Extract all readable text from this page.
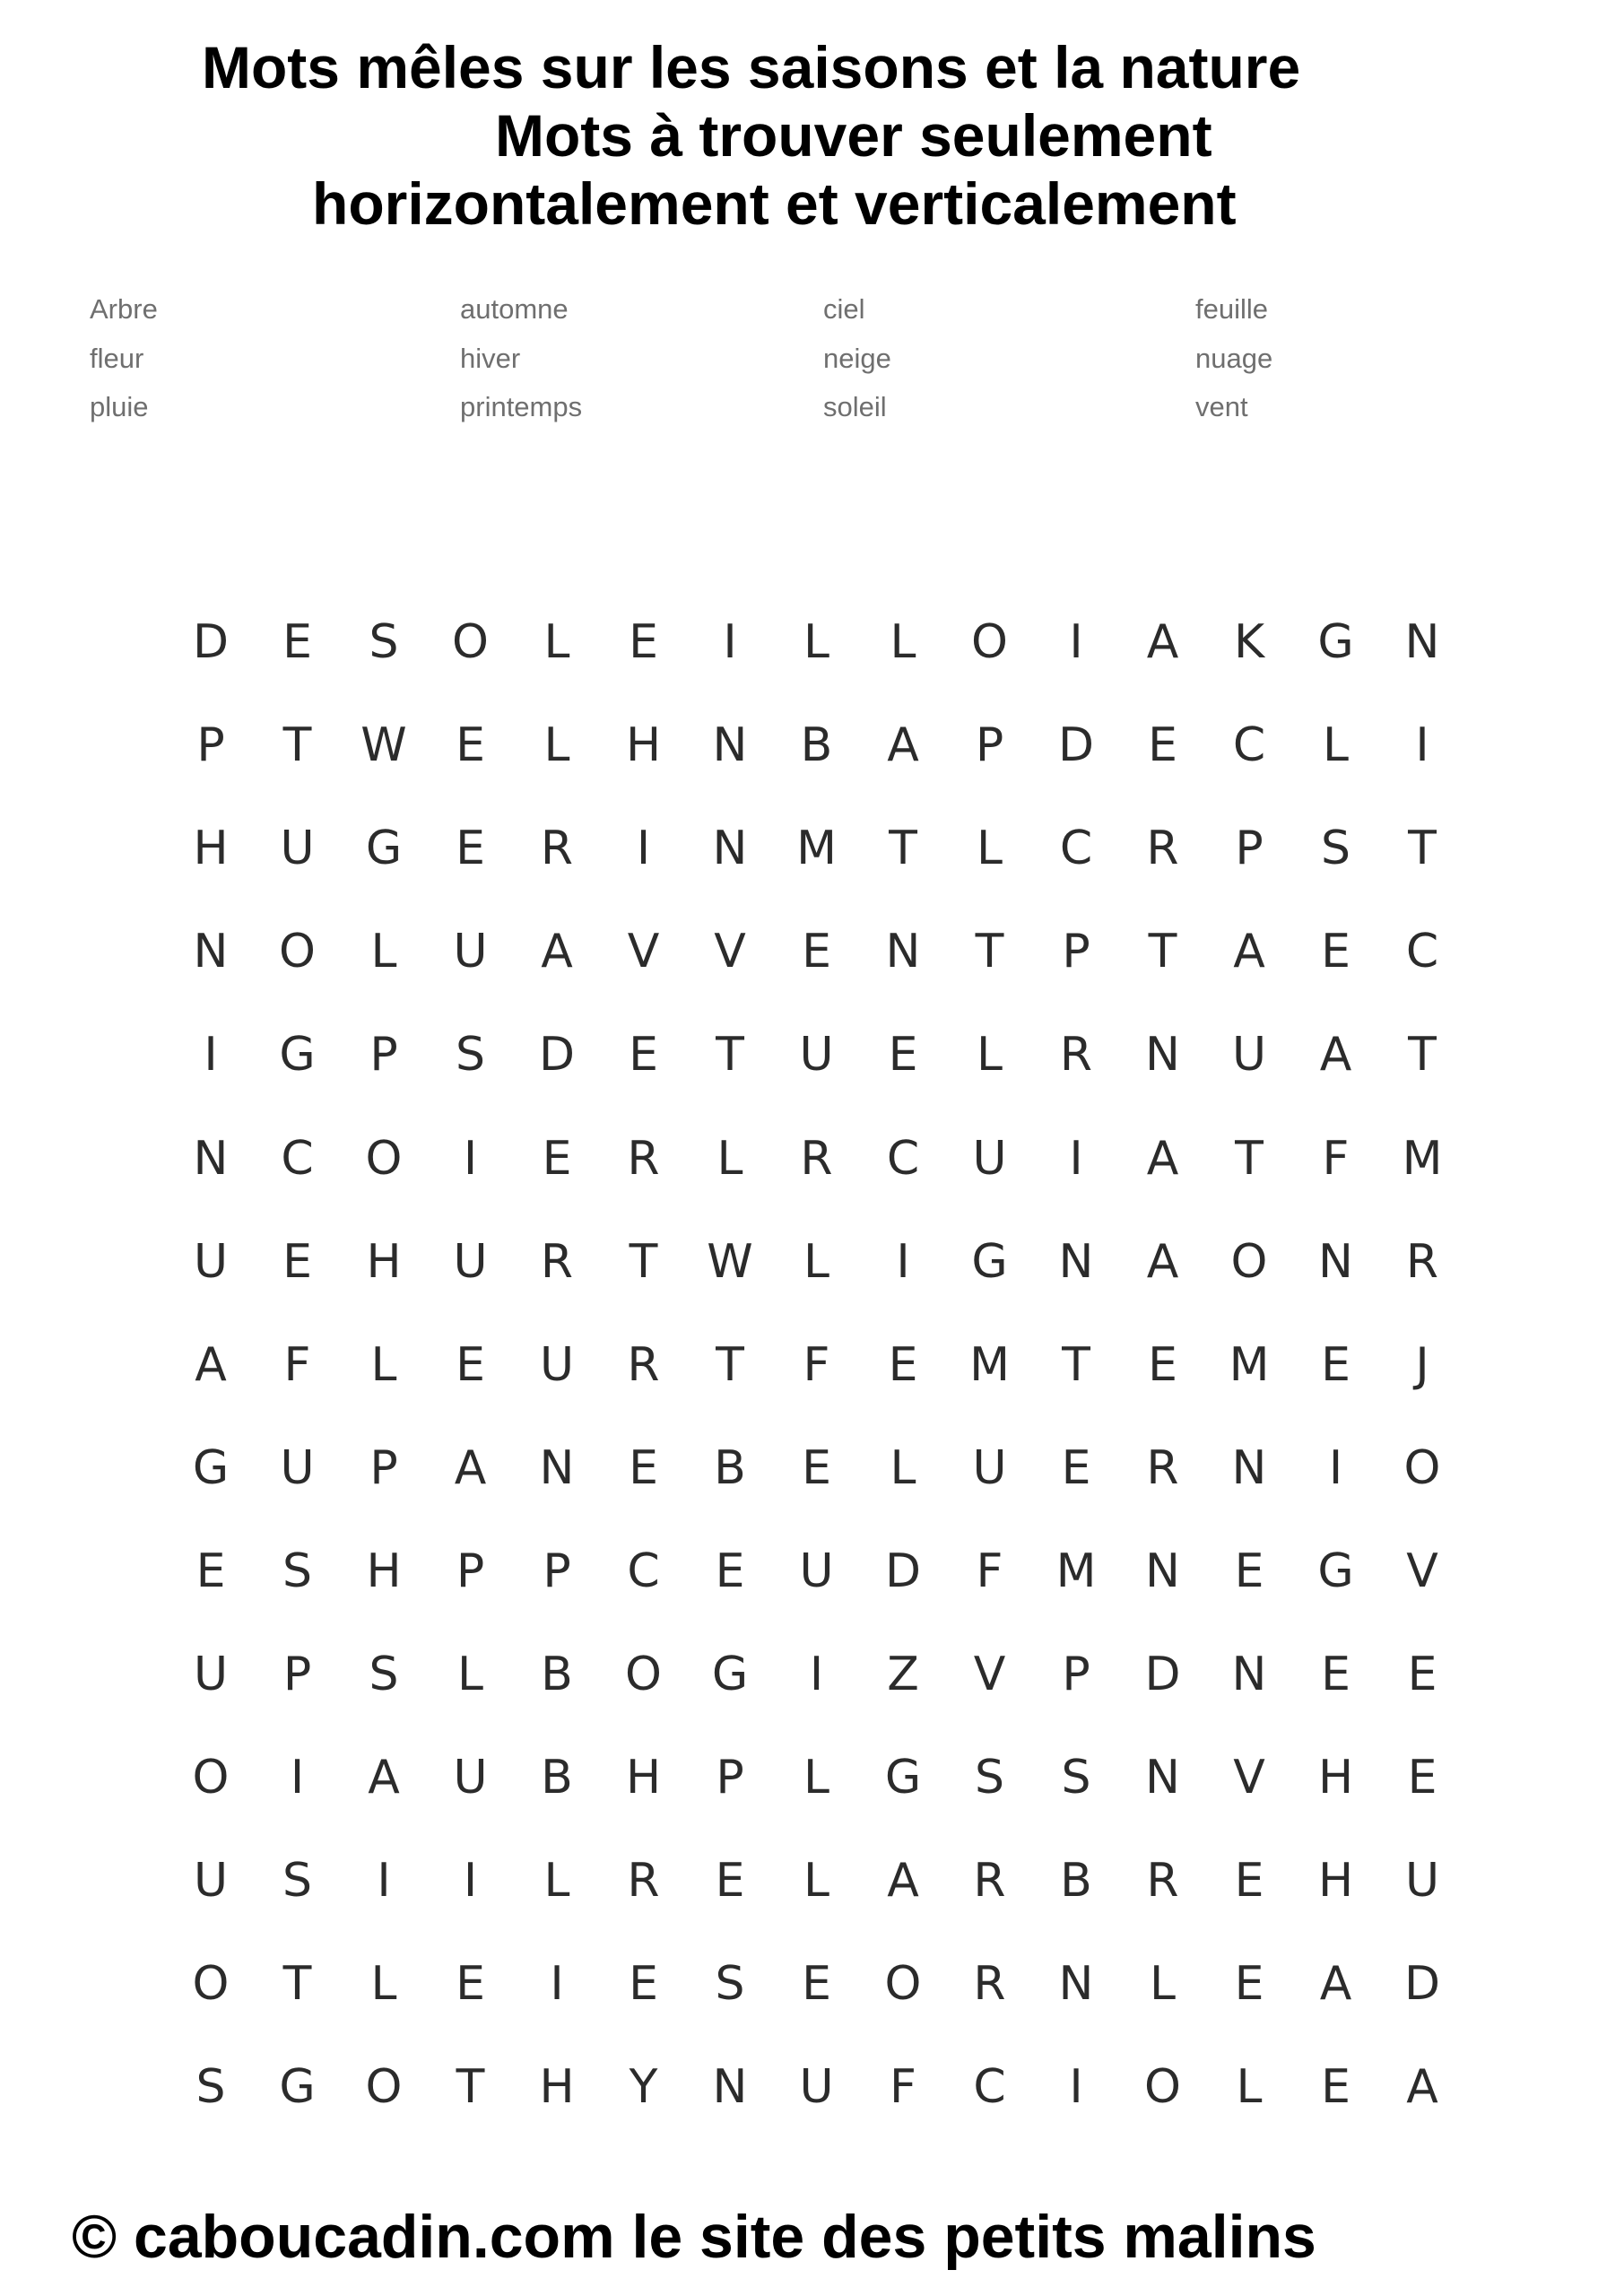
Mots mêles sur les saisons et la nature
Mots à trouver seulement
horizontalement et verticalement
Arbre	automne	ciel	feuille
fleur	hiver	neige	nuage
pluie	printemps	soleil	vent
D	E	S	O	L	E	I	L	L	O	I	A	K	G	N
P	T	W	E	L	H	N	B	A	P	D	E	C	L	I
H	U	G	E	R	I	N	M	T	L	C	R	P	S	T
N	O	L	U	A	V	V	E	N	T	P	T	A	E	C
I	G	P	S	D	E	T	U	E	L	R	N	U	A	T
N	C	O	I	E	R	L	R	C	U	I	A	T	F	M
U	E	H	U	R	T	W	L	I	G	N	A	O	N	R
A	F	L	E	U	R	T	F	E	M	T	E	M	E	J
G	U	P	A	N	E	B	E	L	U	E	R	N	I	O
E	S	H	P	P	C	E	U	D	F	M	N	E	G	V
U	P	S	L	B	O	G	I	Z	V	P	D	N	E	E
O	I	A	U	B	H	P	L	G	S	S	N	V	H	E
U	S	I	I	L	R	E	L	A	R	B	R	E	H	U
O	T	L	E	I	E	S	E	O	R	N	L	E	A	D
S	G	O	T	H	Y	N	U	F	C	I	O	L	E	A
© caboucadin.com le site des petits malins
